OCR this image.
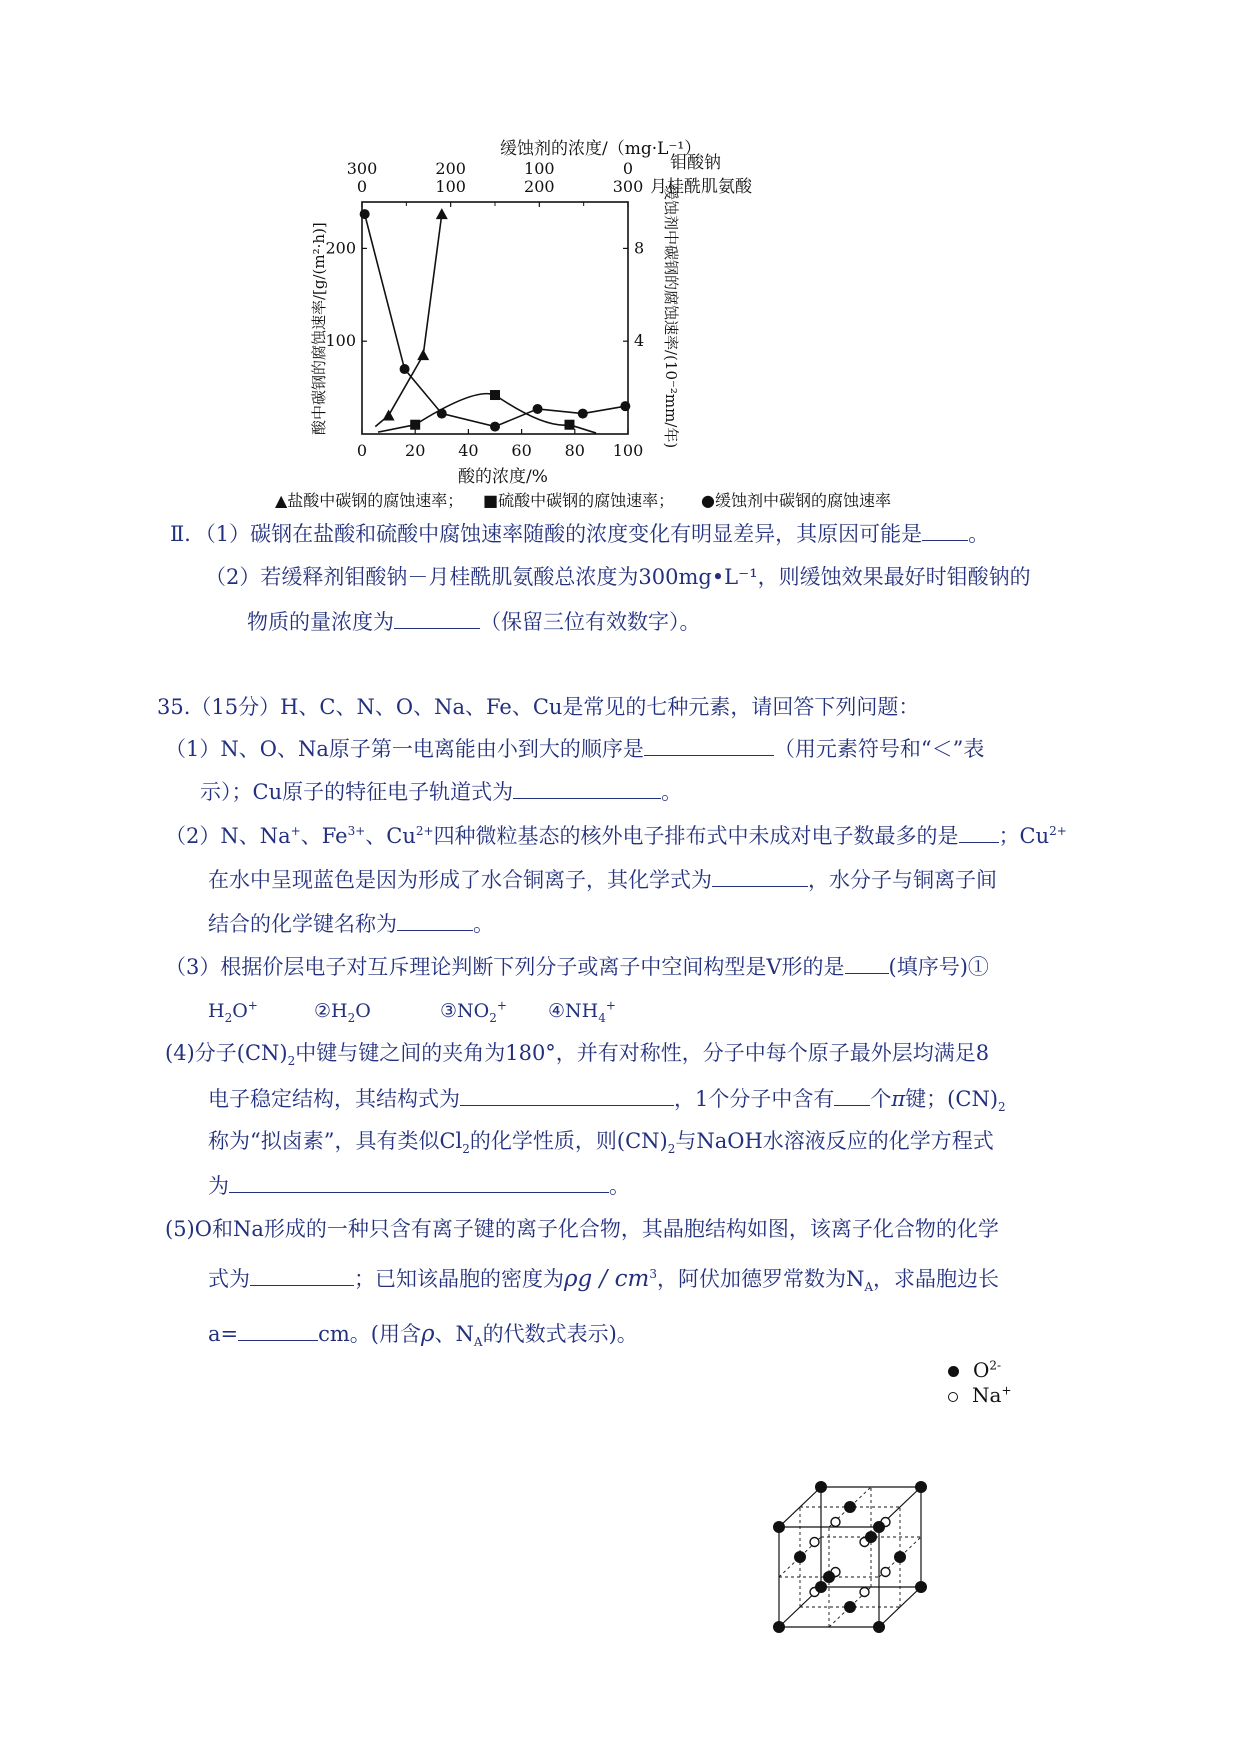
缓蚀剂的浓度/（mg·L⁻¹）
300
0
200
100
100
200
0
300
钼酸钠
月桂酰肌氨酸
0 20 40 60 80 100
100
200
4
8
酸中碳钢的腐蚀速率/[g/(m²·h)]	缓蚀剂中碳钢的腐蚀速率/(10⁻²mm/年)
酸的浓度/%
▲盐酸中碳钢的腐蚀速率； ■硫酸中碳钢的腐蚀速率； ●缓蚀剂中碳钢的腐蚀速率
Ⅱ．（1）碳钢在盐酸和硫酸中腐蚀速率随酸的浓度变化有明显差异，其原因可能是 。
（2）若缓释剂钼酸钠－月桂酰肌氨酸总浓度为300mg•L⁻¹，则缓蚀效果最好时钼酸钠的
物质的量浓度为	（保留三位有效数字）。
35.（15分）H、C、N、O、Na、Fe、Cu是常见的七种元素，请回答下列问题：
（1）N、O、Na原子第一电离能由小到大的顺序是	（用元素符号和“＜”表
示）；Cu原子的特征电子轨道式为	。
（2）N、Na+、$Fe^{3+}$、$Cu^{2+}$四种微粒基态的核外电子排布式中未成对电子数最多的是 ；$Cu^{2+}$
在水中呈现蓝色是因为形成了水合铜离子，其化学式为	，水分子与铜离子间
结合的化学键名称为	。
（3）根据价层电子对互斥理论判断下列分子或离子中空间构型是V形的是 (填序号)①
$H_2O^+$	$②H_2O$	$③NO_2^+$ $④NH_4^+$
(4)分子$(CN)_2$中键与键之间的夹角为180°，并有对称性，分子中每个原子最外层均满足8
电子稳定结构，其结构式为	，1个分子中含有 个π键；$(CN)_2$
称为“拟卤素”，具有类似$Cl_2$的化学性质，则$(CN)_2$与NaOH水溶液反应的化学方程式
为	。
(5)O和Na形成的一种只含有离子键的离子化合物，其晶胞结构如图，该离子化合物的化学
式为	；已知该晶胞的密度为ρg / $cm^3$，阿伏加德罗常数为$N_A$，求晶胞边长
a=	cm。(用含ρ、$N_A$的代数式表示)。
$O^{2-}$
Na+
